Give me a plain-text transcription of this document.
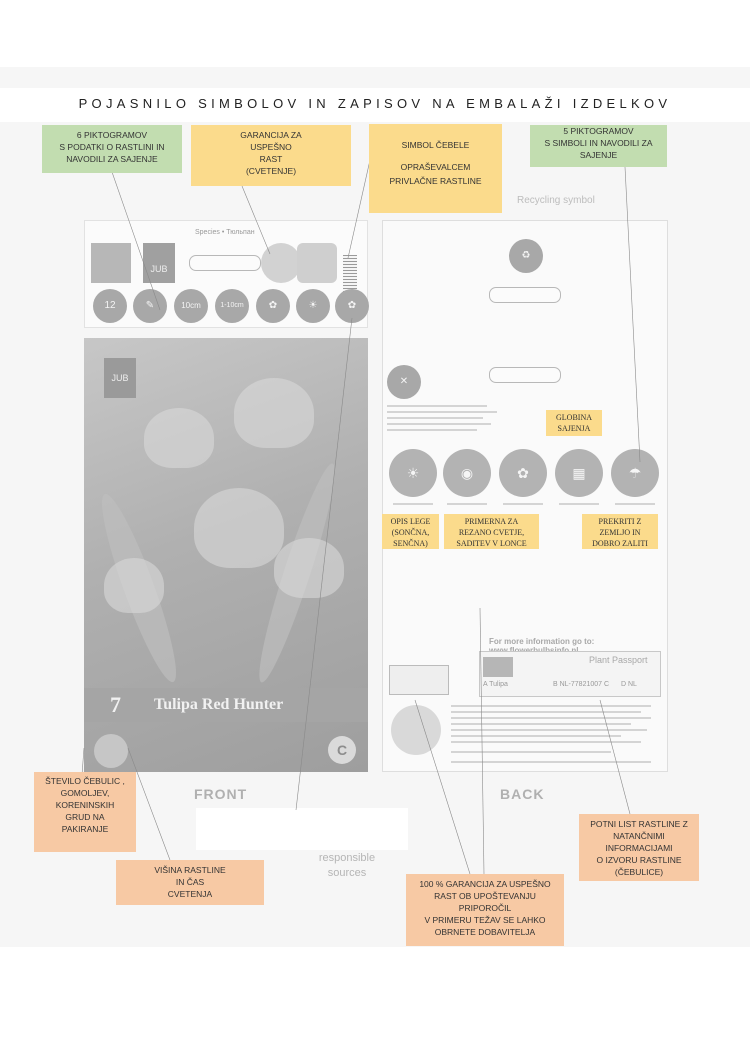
POJASNILO SIMBOLOV IN ZAPISOV NA EMBALAŽI IZDELKOV
JUB
Species • Тюльпан
12	✎	10cm	1-10cm	✿	☀	✿
JUB
7 Tulipa Red Hunter
C
Recycling symbol
♻
✕
☀	◉	✿	▦	☂
For more information go to:
Plant Passport
A Tulipa	B NL-77821007 C D NL
FRONT	BACK
responsible
sources
6 PIKTOGRAMOV
S PODATKI O RASTLINI IN
NAVODILI ZA SAJENJE
GARANCIJA ZA
USPEŠNO
RAST
(CVETENJE)
SIMBOL ČEBELE
OPRAŠEVALCEM
PRIVLAČNE RASTLINE
5 PIKTOGRAMOV
S SIMBOLI IN NAVODILI ZA
SAJENJE
GLOBINA
SAJENJA
OPIS LEGE
(SONČNA,
SENČNA)
PRIMERNA ZA
REZANO CVETJE,
SADITEV V LONCE
PREKRITI Z
ZEMLJO IN
DOBRO ZALITI
ŠTEVILO ČEBULIC ,
GOMOLJEV,
KORENINSKIH
GRUD NA
PAKIRANJE
VIŠINA RASTLINE
IN ČAS
CVETENJA
100 % GARANCIJA ZA USPEŠNO
RAST OB UPOŠTEVANJU
PRIPOROČIL
V PRIMERU TEŽAV SE LAHKO
OBRNETE DOBAVITELJA
POTNI LIST RASTLINE Z
NATANČNIMI
INFORMACIJAMI
O IZVORU RASTLINE
(ČEBULICE)
